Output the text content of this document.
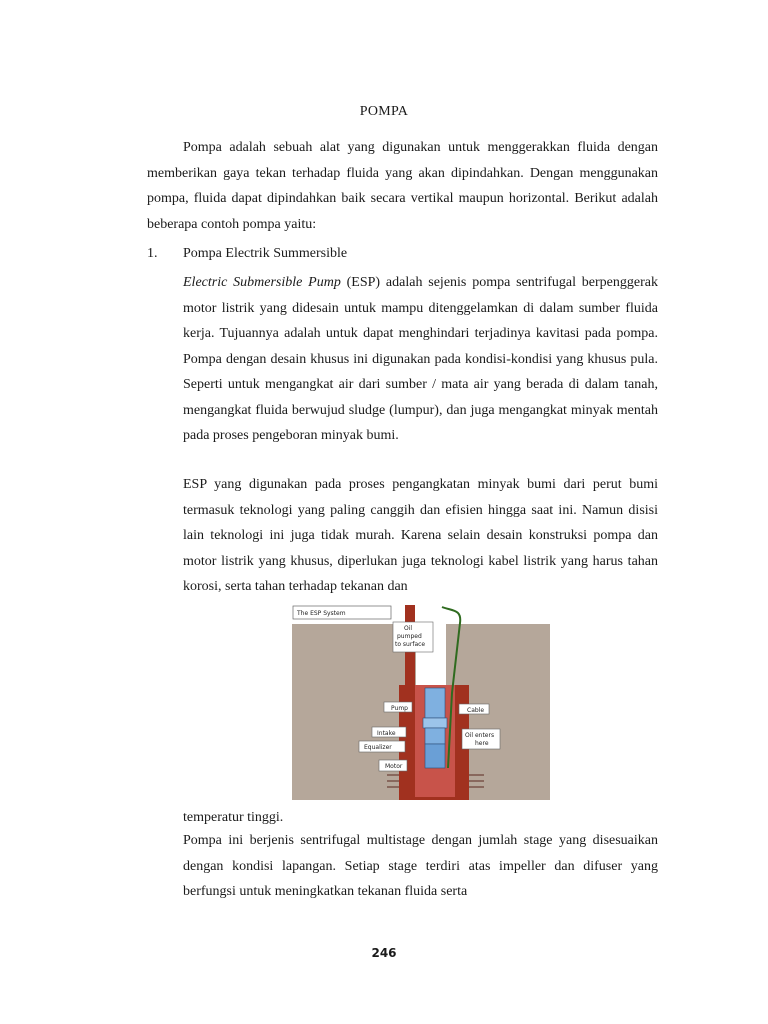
POMPA
Pompa adalah sebuah alat yang digunakan untuk menggerakkan fluida dengan memberikan gaya tekan terhadap fluida yang akan dipindahkan. Dengan menggunakan pompa, fluida dapat dipindahkan baik secara vertikal maupun horizontal. Berikut adalah beberapa contoh pompa yaitu:
1. Pompa Electrik Summersible
Electric Submersible Pump (ESP) adalah sejenis pompa sentrifugal berpenggerak motor listrik yang didesain untuk mampu ditenggelamkan di dalam sumber fluida kerja. Tujuannya adalah untuk dapat menghindari terjadinya kavitasi pada pompa. Pompa dengan desain khusus ini digunakan pada kondisi-kondisi yang khusus pula. Seperti untuk mengangkat air dari sumber / mata air yang berada di dalam tanah, mengangkat fluida berwujud sludge (lumpur), dan juga mengangkat minyak mentah pada proses pengeboran minyak bumi.
ESP yang digunakan pada proses pengangkatan minyak bumi dari perut bumi termasuk teknologi yang paling canggih dan efisien hingga saat ini. Namun disisi lain teknologi ini juga tidak murah. Karena selain desain konstruksi pompa dan motor listrik yang khusus, diperlukan juga teknologi kabel listrik yang harus tahan korosi, serta tahan terhadap tekanan dan
The ESP System
Oil
pumped
to surface
Pump	Cable
Intake	Oil enters
here
Equalizer
Motor
temperatur tinggi.
Pompa ini berjenis sentrifugal multistage dengan jumlah stage yang disesuaikan dengan kondisi lapangan. Setiap stage terdiri atas impeller dan difuser yang berfungsi untuk meningkatkan tekanan fluida serta
246
